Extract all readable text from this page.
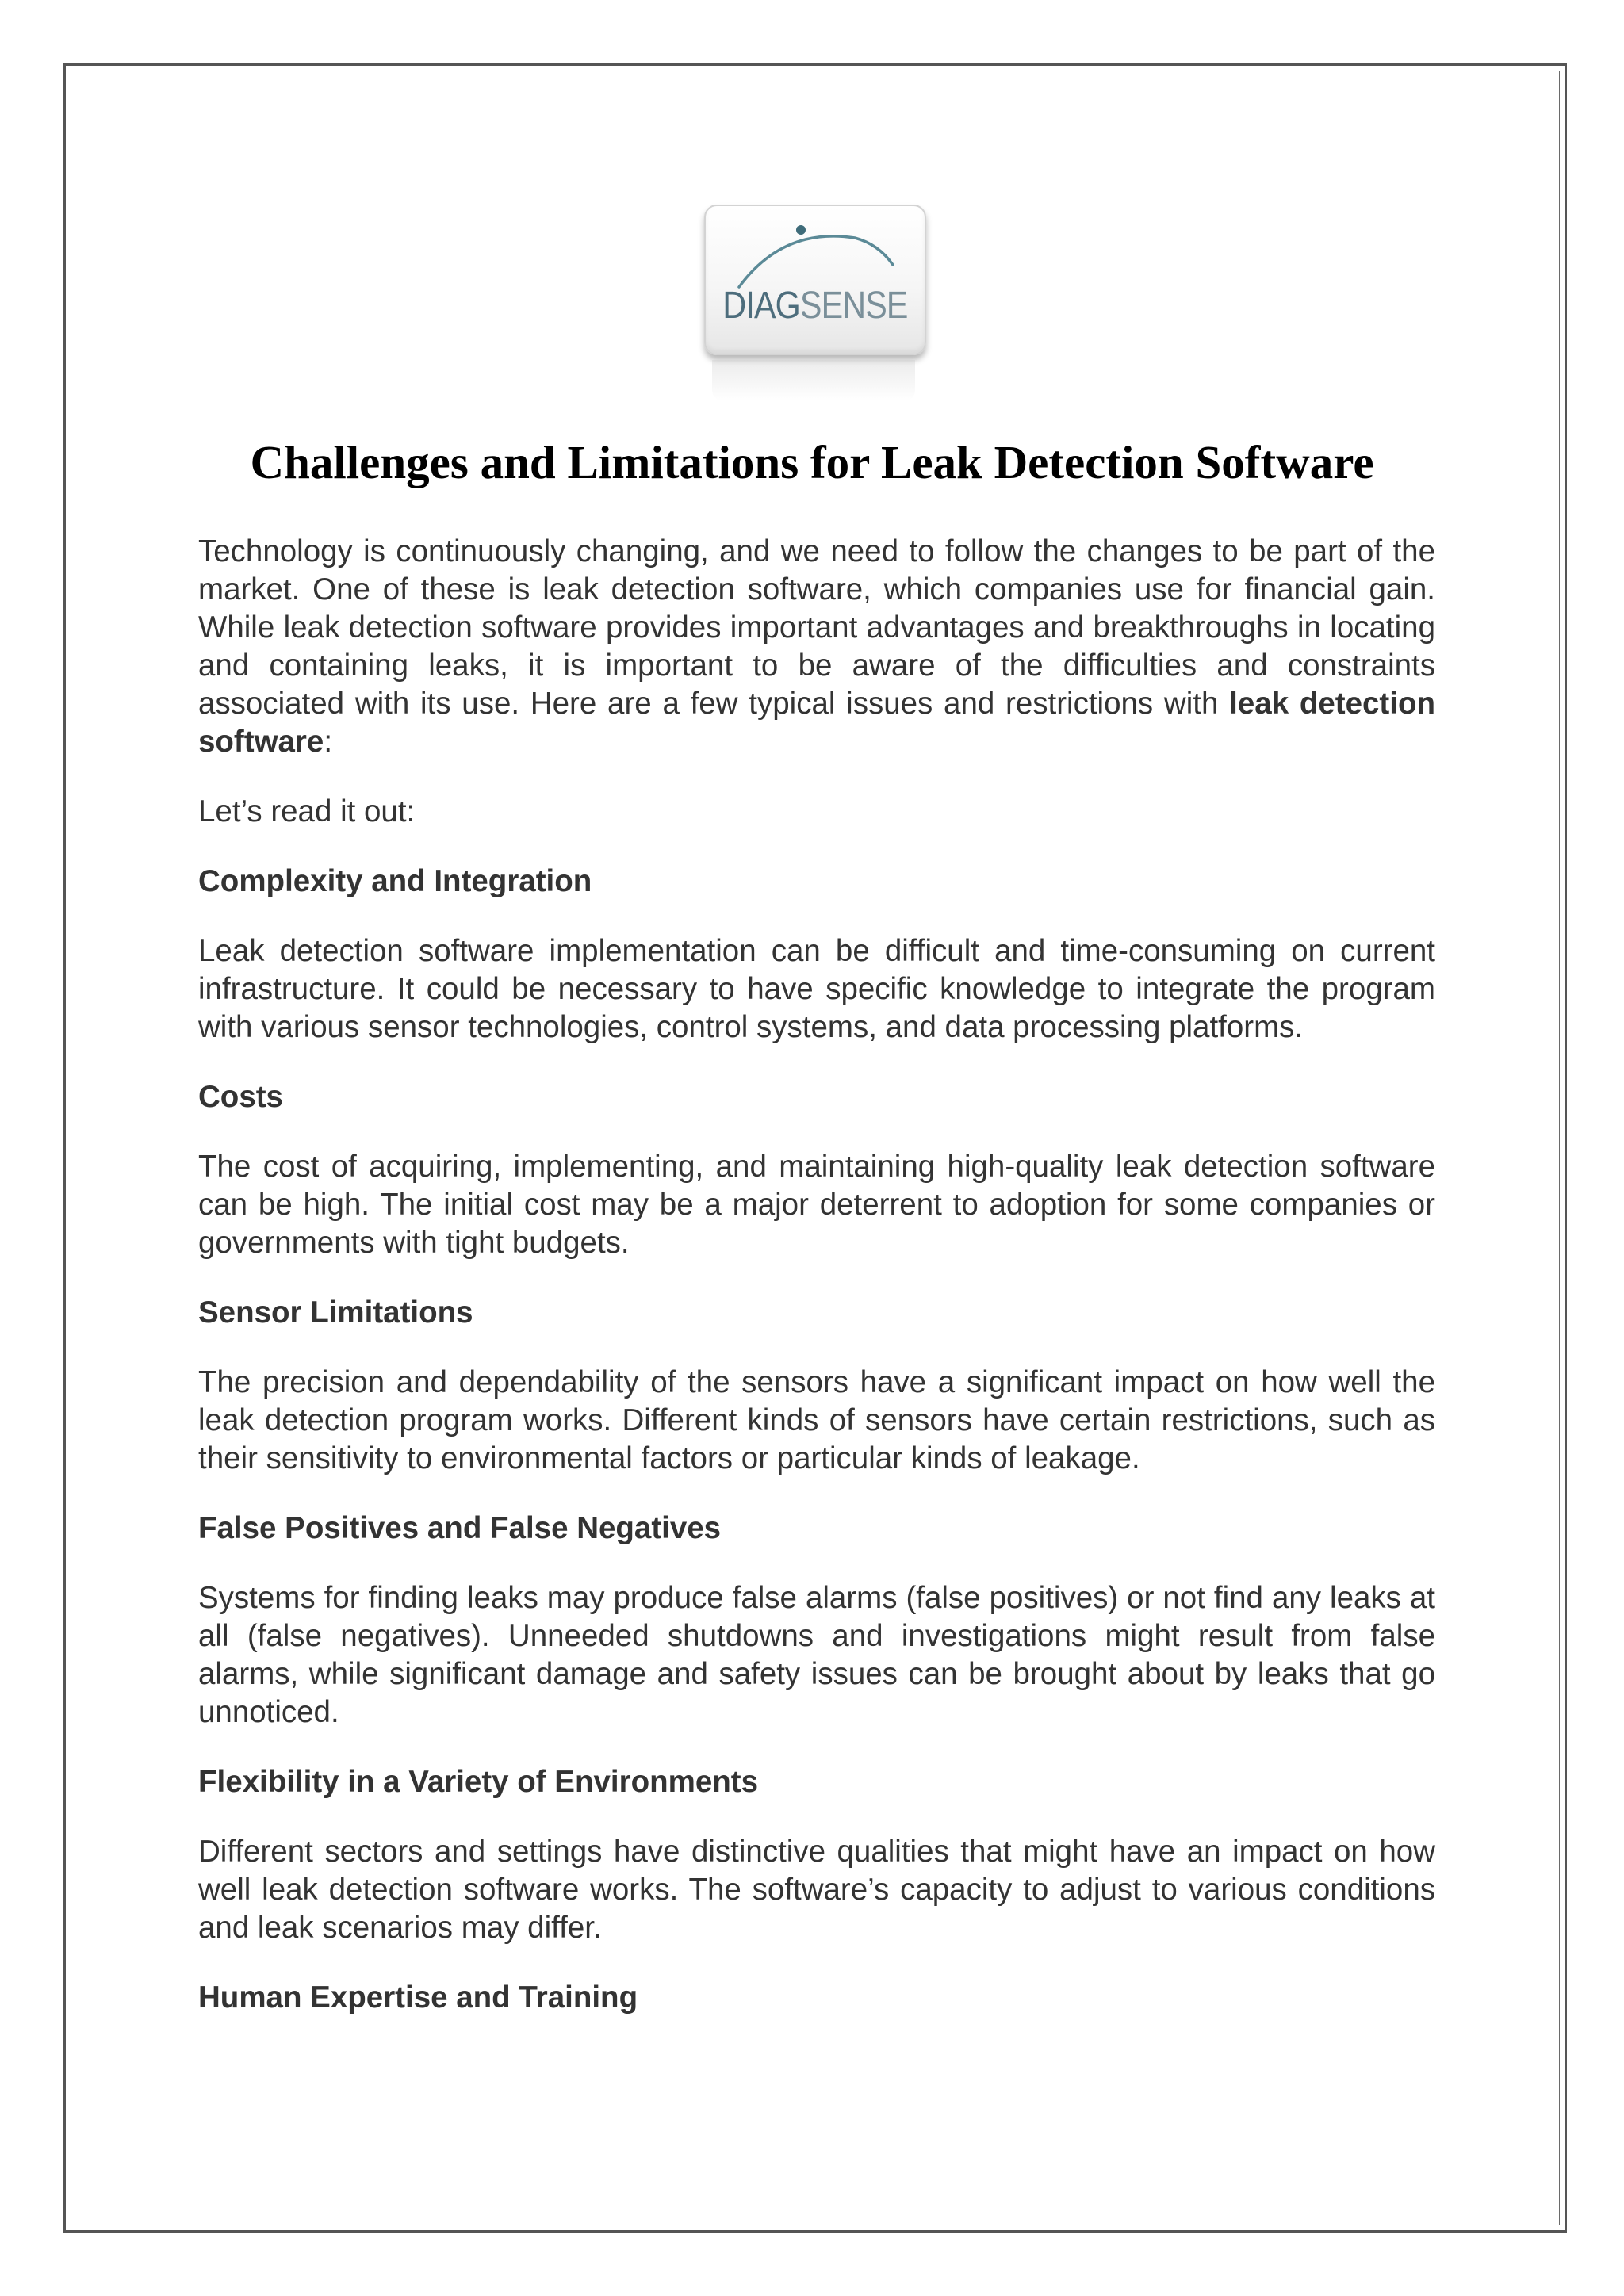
DIAGSENSE
Challenges and Limitations for Leak Detection Software

Technology is continuously changing, and we need to follow the changes to be part of the market. One of these is leak detection software, which companies use for financial gain. While leak detection software provides important advantages and breakthroughs in locating and containing leaks, it is important to be aware of the difficulties and constraints associated with its use. Here are a few typical issues and restrictions with leak detection software:

Let’s read it out:

Complexity and Integration

Leak detection software implementation can be difficult and time-consuming on current infrastructure. It could be necessary to have specific knowledge to integrate the program with various sensor technologies, control systems, and data processing platforms.

Costs

The cost of acquiring, implementing, and maintaining high-quality leak detection software can be high. The initial cost may be a major deterrent to adoption for some companies or governments with tight budgets.

Sensor Limitations

The precision and dependability of the sensors have a significant impact on how well the leak detection program works. Different kinds of sensors have certain restrictions, such as their sensitivity to environmental factors or particular kinds of leakage.

False Positives and False Negatives

Systems for finding leaks may produce false alarms (false positives) or not find any leaks at all (false negatives). Unneeded shutdowns and investigations might result from false alarms, while significant damage and safety issues can be brought about by leaks that go unnoticed.

Flexibility in a Variety of Environments

Different sectors and settings have distinctive qualities that might have an impact on how well leak detection software works. The software’s capacity to adjust to various conditions and leak scenarios may differ.

Human Expertise and Training
